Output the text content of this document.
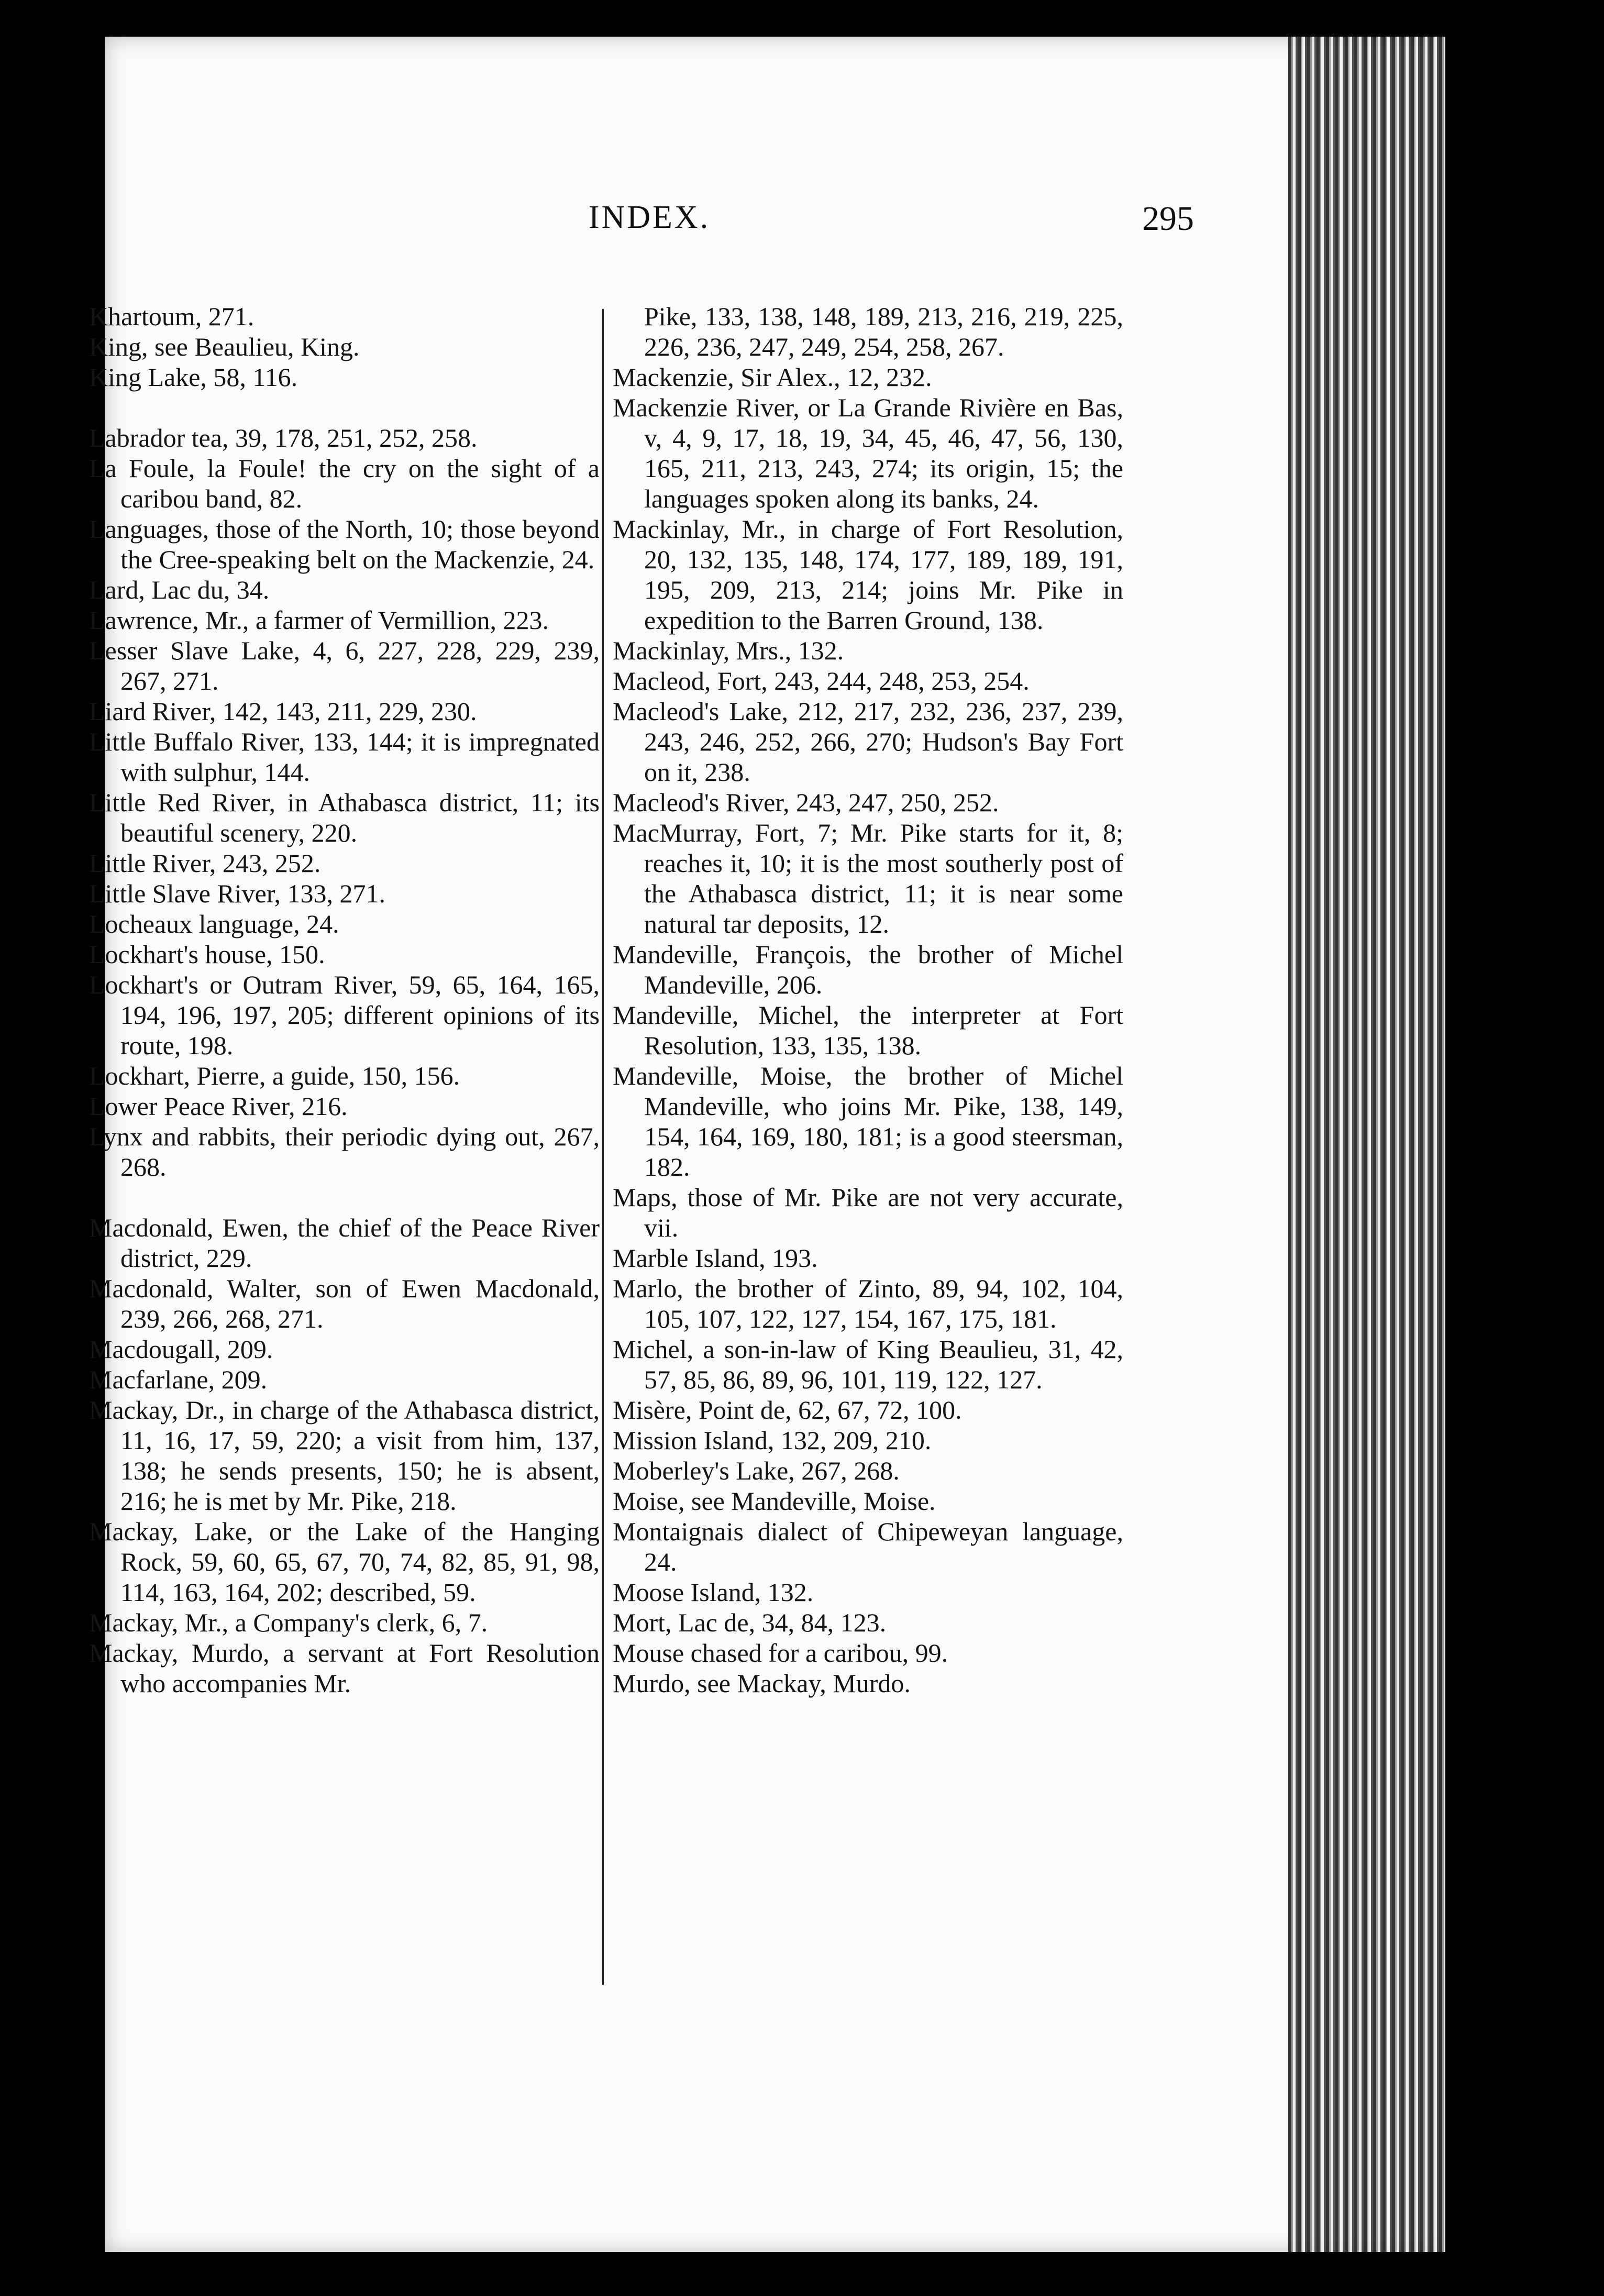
INDEX.	295

Khartoum, 271.

King, see Beaulieu, King.

King Lake, 58, 116.

Labrador tea, 39, 178, 251, 252, 258.

La Foule, la Foule! the cry on the sight of a caribou band, 82.

Languages, those of the North, 10; those beyond the Cree-speaking belt on the Mackenzie, 24.

Lard, Lac du, 34.

Lawrence, Mr., a farmer of Vermillion, 223.

Lesser Slave Lake, 4, 6, 227, 228, 229, 239, 267, 271.

Liard River, 142, 143, 211, 229, 230.

Little Buffalo River, 133, 144; it is impregnated with sulphur, 144.

Little Red River, in Athabasca district, 11; its beautiful scenery, 220.

Little River, 243, 252.

Little Slave River, 133, 271.

Locheaux language, 24.

Lockhart's house, 150.

Lockhart's or Outram River, 59, 65, 164, 165, 194, 196, 197, 205; different opinions of its route, 198.

Lockhart, Pierre, a guide, 150, 156.

Lower Peace River, 216.

Lynx and rabbits, their periodic dying out, 267, 268.

Macdonald, Ewen, the chief of the Peace River district, 229.

Macdonald, Walter, son of Ewen Macdonald, 239, 266, 268, 271.

Macdougall, 209.

Macfarlane, 209.

Mackay, Dr., in charge of the Athabasca district, 11, 16, 17, 59, 220; a visit from him, 137, 138; he sends presents, 150; he is absent, 216; he is met by Mr. Pike, 218.

Mackay, Lake, or the Lake of the Hanging Rock, 59, 60, 65, 67, 70, 74, 82, 85, 91, 98, 114, 163, 164, 202; described, 59.

Mackay, Mr., a Company's clerk, 6, 7.

Mackay, Murdo, a servant at Fort Resolution who accompanies Mr.

Pike, 133, 138, 148, 189, 213, 216, 219, 225, 226, 236, 247, 249, 254, 258, 267.

Mackenzie, Sir Alex., 12, 232.

Mackenzie River, or La Grande Rivière en Bas, v, 4, 9, 17, 18, 19, 34, 45, 46, 47, 56, 130, 165, 211, 213, 243, 274; its origin, 15; the languages spoken along its banks, 24.

Mackinlay, Mr., in charge of Fort Resolution, 20, 132, 135, 148, 174, 177, 189, 189, 191, 195, 209, 213, 214; joins Mr. Pike in expedition to the Barren Ground, 138.

Mackinlay, Mrs., 132.

Macleod, Fort, 243, 244, 248, 253, 254.

Macleod's Lake, 212, 217, 232, 236, 237, 239, 243, 246, 252, 266, 270; Hudson's Bay Fort on it, 238.

Macleod's River, 243, 247, 250, 252.

MacMurray, Fort, 7; Mr. Pike starts for it, 8; reaches it, 10; it is the most southerly post of the Athabasca district, 11; it is near some natural tar deposits, 12.

Mandeville, François, the brother of Michel Mandeville, 206.

Mandeville, Michel, the interpreter at Fort Resolution, 133, 135, 138.

Mandeville, Moise, the brother of Michel Mandeville, who joins Mr. Pike, 138, 149, 154, 164, 169, 180, 181; is a good steersman, 182.

Maps, those of Mr. Pike are not very accurate, vii.

Marble Island, 193.

Marlo, the brother of Zinto, 89, 94, 102, 104, 105, 107, 122, 127, 154, 167, 175, 181.

Michel, a son-in-law of King Beaulieu, 31, 42, 57, 85, 86, 89, 96, 101, 119, 122, 127.

Misère, Point de, 62, 67, 72, 100.

Mission Island, 132, 209, 210.

Moberley's Lake, 267, 268.

Moise, see Mandeville, Moise.

Montaignais dialect of Chipeweyan language, 24.

Moose Island, 132.

Mort, Lac de, 34, 84, 123.

Mouse chased for a caribou, 99.

Murdo, see Mackay, Murdo.
